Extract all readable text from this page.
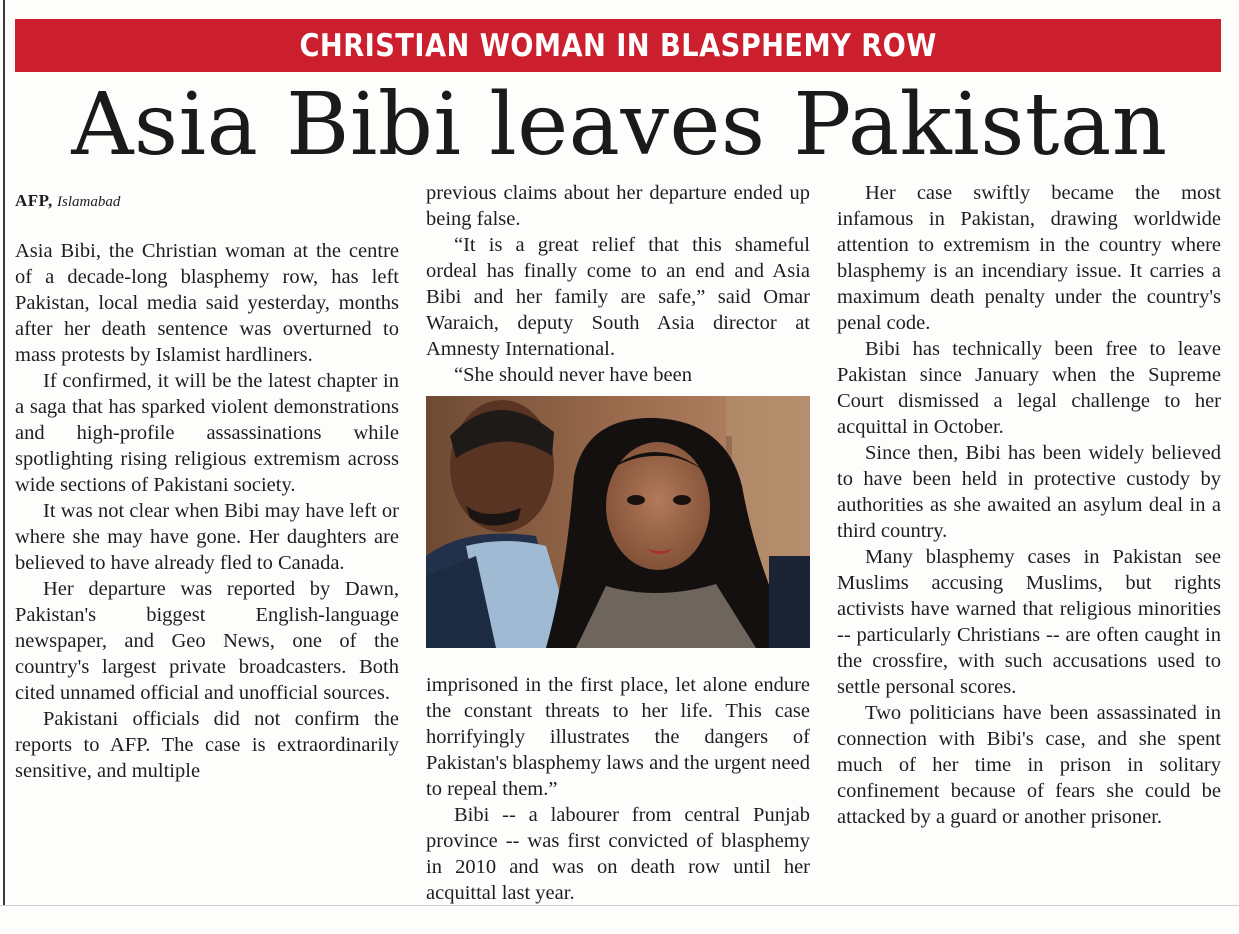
CHRISTIAN WOMAN IN BLASPHEMY ROW
Asia Bibi leaves Pakistan
AFP, Islamabad

Asia Bibi, the Christian woman at the centre of a decade-long blasphemy row, has left Pakistan, local media said yesterday, months after her death sentence was overturned to mass protests by Islamist hardliners.

If confirmed, it will be the latest chapter in a saga that has sparked violent demonstrations and high-profile assassinations while spotlighting rising religious extremism across wide sections of Pakistani society.

It was not clear when Bibi may have left or where she may have gone. Her daughters are believed to have already fled to Canada.

Her departure was reported by Dawn, Pakistan's biggest English-language newspaper, and Geo News, one of the country's largest private broadcasters. Both cited unnamed official and unofficial sources.

Pakistani officials did not confirm the reports to AFP. The case is extraordinarily sensitive, and multiple

previous claims about her departure ended up being false.

“It is a great relief that this shameful ordeal has finally come to an end and Asia Bibi and her family are safe,” said Omar Waraich, deputy South Asia director at Amnesty International.

“She should never have been

imprisoned in the first place, let alone endure the constant threats to her life. This case horrifyingly illustrates the dangers of Pakistan's blasphemy laws and the urgent need to repeal them.”

Bibi -- a labourer from central Punjab province -- was first convicted of blasphemy in 2010 and was on death row until her acquittal last year.

Her case swiftly became the most infamous in Pakistan, drawing worldwide attention to extremism in the country where blasphemy is an incendiary issue. It carries a maximum death penalty under the country's penal code.

Bibi has technically been free to leave Pakistan since January when the Supreme Court dismissed a legal challenge to her acquittal in October.

Since then, Bibi has been widely believed to have been held in protective custody by authorities as she awaited an asylum deal in a third country.

Many blasphemy cases in Pakistan see Muslims accusing Muslims, but rights activists have warned that religious minorities -- particularly Christians -- are often caught in the crossfire, with such accusations used to settle personal scores.

Two politicians have been assassinated in connection with Bibi's case, and she spent much of her time in prison in solitary confinement because of fears she could be attacked by a guard or another prisoner.
